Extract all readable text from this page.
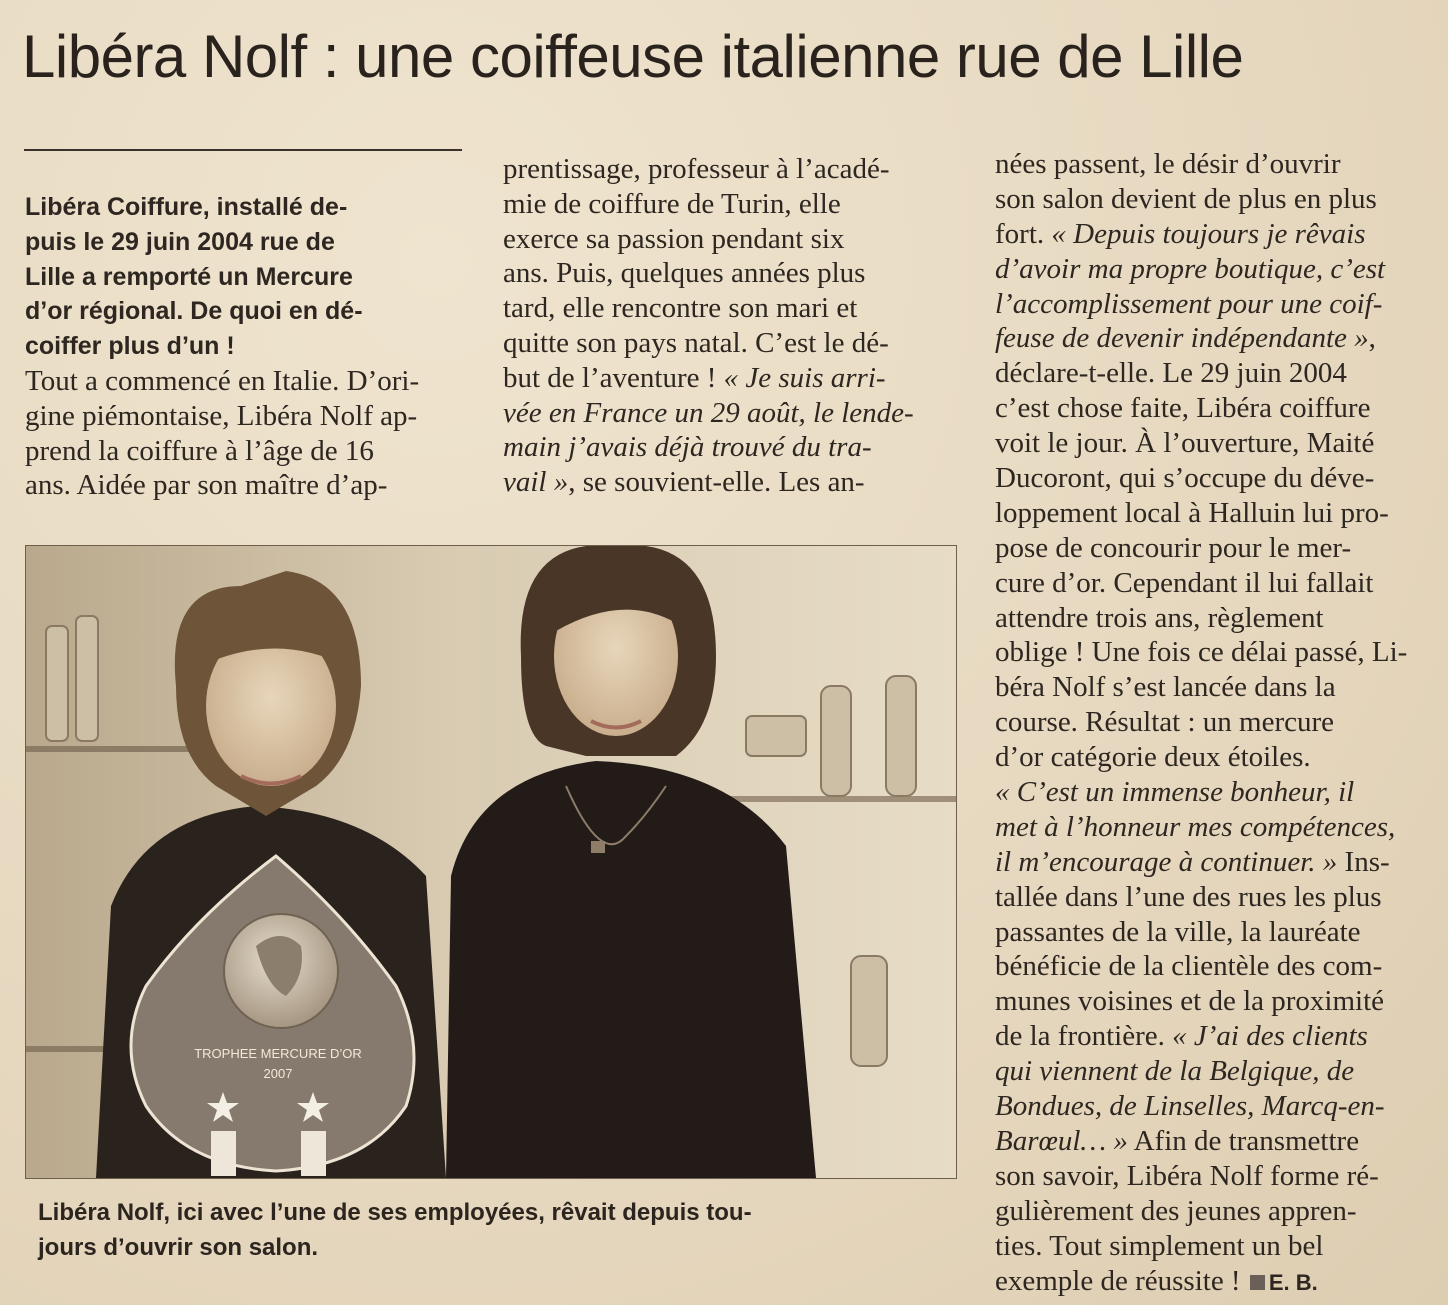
Libéra Nolf : une coiffeuse italienne rue de Lille
Libéra Coiffure, installé de-
puis le 29 juin 2004 rue de
Lille a remporté un Mercure
d’or régional. De quoi en dé-
coiffer plus d’un !
Tout a commencé en Italie. D’ori-
gine piémontaise, Libéra Nolf ap-
prend la coiffure à l’âge de 16
ans. Aidée par son maître d’ap-
prentissage, professeur à l’acadé-
mie de coiffure de Turin, elle
exerce sa passion pendant six
ans. Puis, quelques années plus
tard, elle rencontre son mari et
quitte son pays natal. C’est le dé-
but de l’aventure ! « Je suis arri-
vée en France un 29 août, le lende-
main j’avais déjà trouvé du tra-
vail », se souvient-elle. Les an-
nées passent, le désir d’ouvrir
son salon devient de plus en plus
fort. « Depuis toujours je rêvais
d’avoir ma propre boutique, c’est
l’accomplissement pour une coif-
feuse de devenir indépendante »,
déclare-t-elle. Le 29 juin 2004
c’est chose faite, Libéra coiffure
voit le jour. À l’ouverture, Maité
Ducoront, qui s’occupe du déve-
loppement local à Halluin lui pro-
pose de concourir pour le mer-
cure d’or. Cependant il lui fallait
attendre trois ans, règlement
oblige ! Une fois ce délai passé, Li-
béra Nolf s’est lancée dans la
course. Résultat : un mercure
d’or catégorie deux étoiles.
« C’est un immense bonheur, il
met à l’honneur mes compétences,
il m’encourage à continuer. » Ins-
tallée dans l’une des rues les plus
passantes de la ville, la lauréate
bénéficie de la clientèle des com-
munes voisines et de la proximité
de la frontière. « J’ai des clients
qui viennent de la Belgique, de
Bondues, de Linselles, Marcq-en-
Barœul… » Afin de transmettre
son savoir, Libéra Nolf forme ré-
gulièrement des jeunes appren-
ties. Tout simplement un bel
exemple de réussite ! E. B.
TROPHEE MERCURE D’OR
2007
Libéra Nolf, ici avec l’une de ses employées, rêvait depuis tou-
jours d’ouvrir son salon.
